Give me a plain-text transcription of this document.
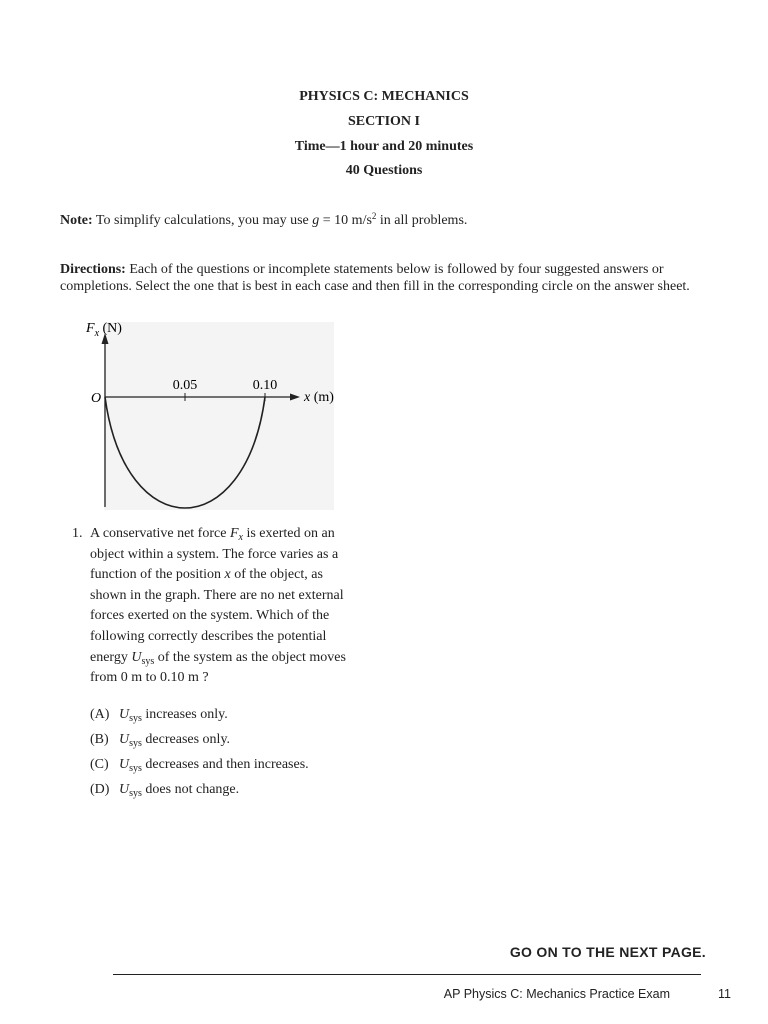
PHYSICS C: MECHANICS
SECTION I
Time—1 hour and 20 minutes
40 Questions
Note: To simplify calculations, you may use g = 10 $m/s^2$ in all problems.
Directions: Each of the questions or incomplete statements below is followed by four suggested answers or
completions. Select the one that is best in each case and then fill in the corresponding circle on the answer sheet.
$F_x$ (N)
O
0.05	0.10
x (m)
1. A conservative net force $F_x$ is exerted on an
object within a system. The force varies as a
function of the position x of the object, as
shown in the graph. There are no net external
forces exerted on the system. Which of the
following correctly describes the potential
energy $U_{sys}$ of the system as the object moves
from 0 m to 0.10 m ?
(A) $U_{sys}$ increases only.
(B) $U_{sys}$ decreases only.
(C) $U_{sys}$ decreases and then increases.
(D) $U_{sys}$ does not change.
GO ON TO THE NEXT PAGE.
AP Physics C: Mechanics Practice Exam	11
